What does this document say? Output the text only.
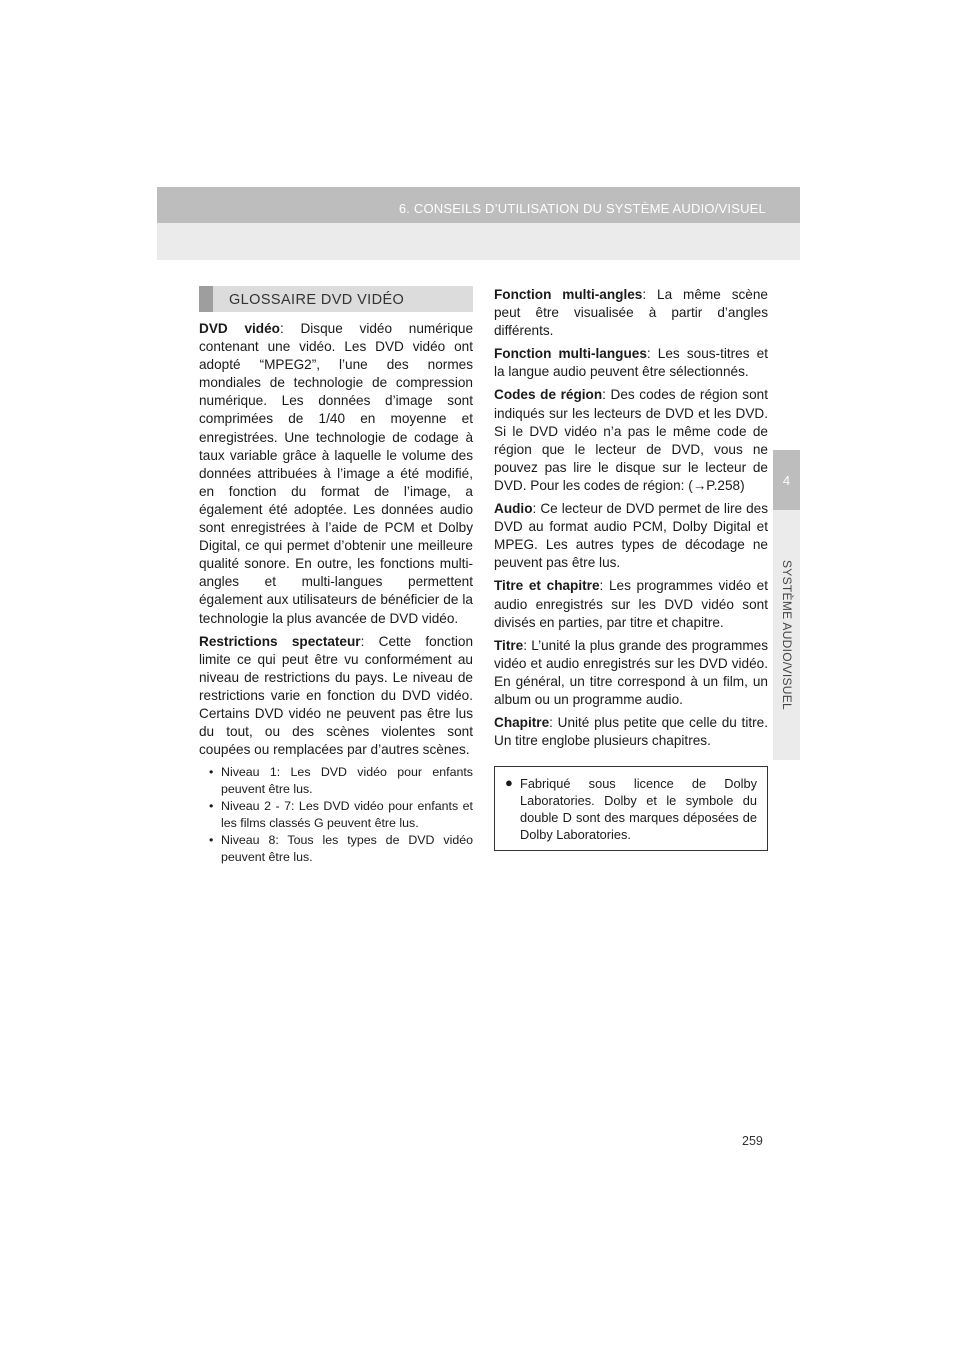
6. CONSEILS D’UTILISATION DU SYSTÈME AUDIO/VISUEL
4
SYSTÈME AUDIO/VISUEL
GLOSSAIRE DVD VIDÉO

DVD vidéo: Disque vidéo numérique contenant une vidéo. Les DVD vidéo ont adopté “MPEG2”, l’une des normes mondiales de technologie de compression numérique. Les données d’image sont comprimées de 1/40 en moyenne et enregistrées. Une technologie de codage à taux variable grâce à laquelle le volume des données attribuées à l’image a été modifié, en fonction du format de l’image, a également été adoptée. Les données audio sont enregistrées à l’aide de PCM et Dolby Digital, ce qui permet d’obtenir une meilleure qualité sonore. En outre, les fonctions multi-angles et multi-langues permettent également aux utilisateurs de bénéficier de la technologie la plus avancée de DVD vidéo.

Restrictions spectateur: Cette fonction limite ce qui peut être vu conformément au niveau de restrictions du pays. Le niveau de restrictions varie en fonction du DVD vidéo. Certains DVD vidéo ne peuvent pas être lus du tout, ou des scènes violentes sont coupées ou remplacées par d’autres scènes.

• Niveau 1: Les DVD vidéo pour enfants peuvent être lus.
• Niveau 2 - 7: Les DVD vidéo pour enfants et les films classés G peuvent être lus.
• Niveau 8: Tous les types de DVD vidéo peuvent être lus.

Fonction multi-angles: La même scène peut être visualisée à partir d’angles différents.

Fonction multi-langues: Les sous-titres et la langue audio peuvent être sélectionnés.

Codes de région: Des codes de région sont indiqués sur les lecteurs de DVD et les DVD. Si le DVD vidéo n’a pas le même code de région que le lecteur de DVD, vous ne pouvez pas lire le disque sur le lecteur de DVD. Pour les codes de région: (→P.258)

Audio: Ce lecteur de DVD permet de lire des DVD au format audio PCM, Dolby Digital et MPEG. Les autres types de décodage ne peuvent pas être lus.

Titre et chapitre: Les programmes vidéo et audio enregistrés sur les DVD vidéo sont divisés en parties, par titre et chapitre.

Titre: L’unité la plus grande des programmes vidéo et audio enregistrés sur les DVD vidéo. En général, un titre correspond à un film, un album ou un programme audio.

Chapitre: Unité plus petite que celle du titre. Un titre englobe plusieurs chapitres.

● Fabriqué sous licence de Dolby Laboratories. Dolby et le symbole du double D sont des marques déposées de Dolby Laboratories.
259
